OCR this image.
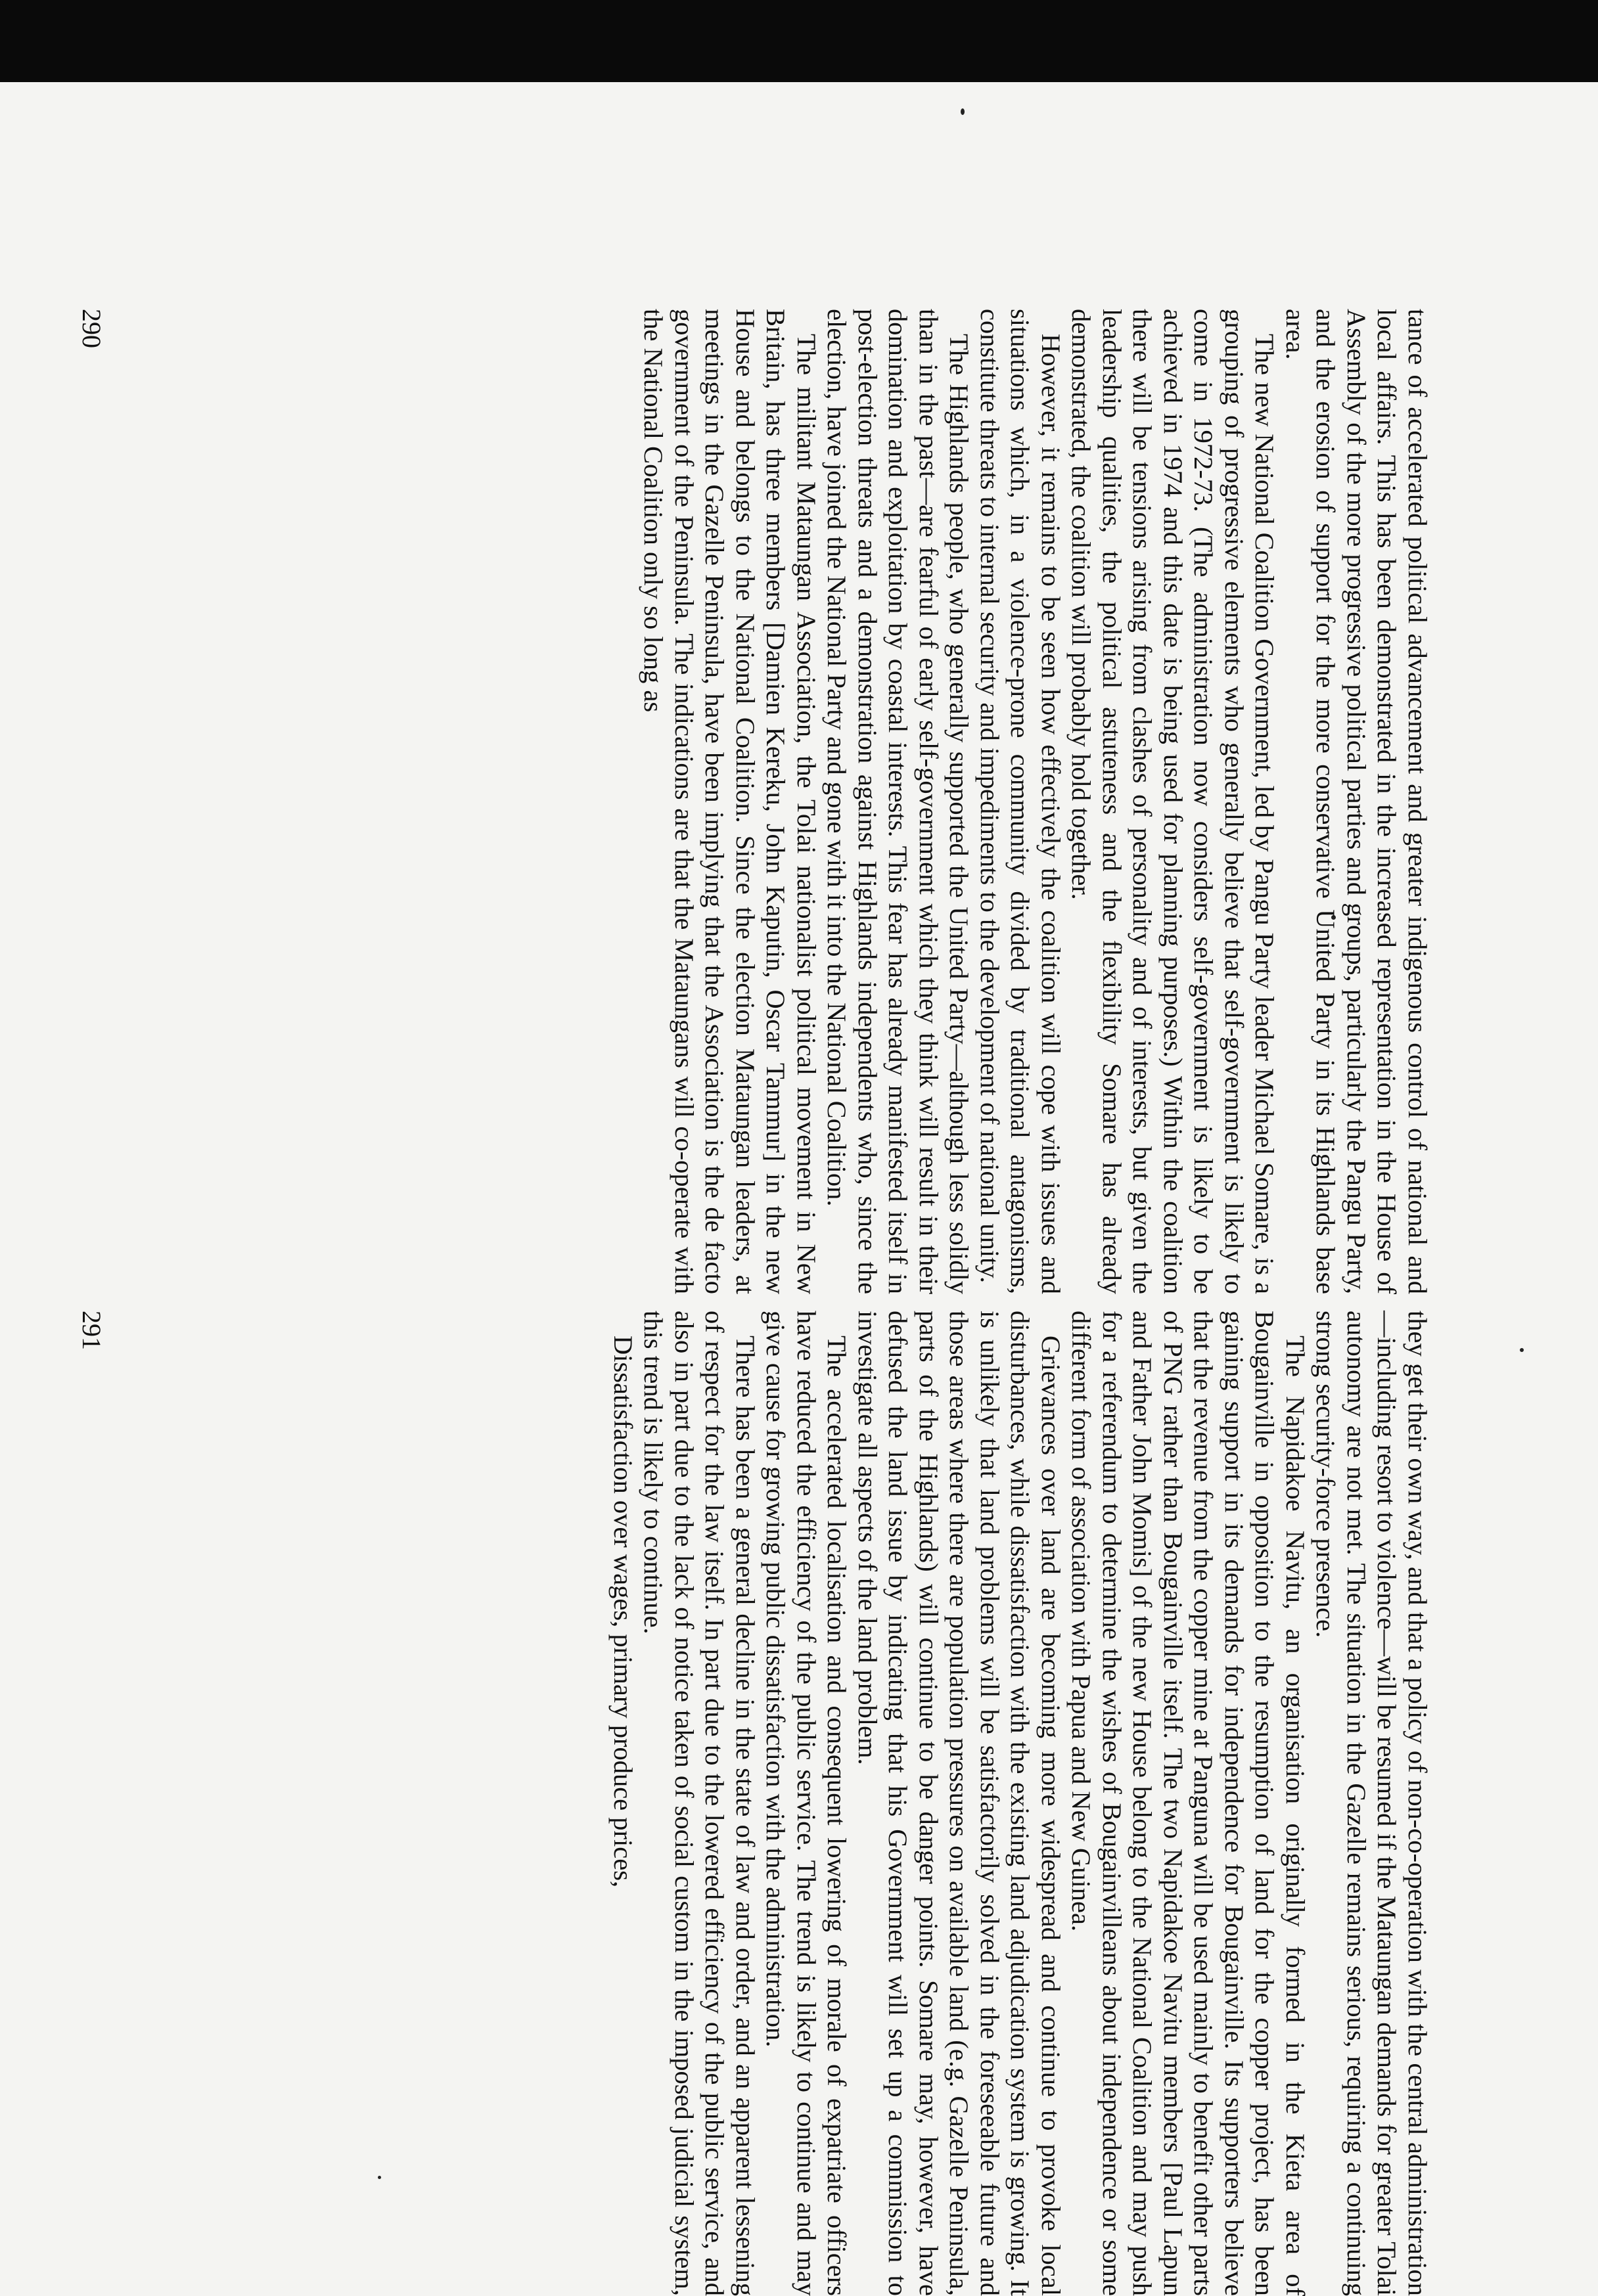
tance of accelerated political advancement and greater indigenous control of national and local affairs. This has been demonstrated in the increased representation in the House of Assembly of the more progressive political parties and groups, particularly the Pangu Party, and the erosion of support for the more conservative United Party in its Highlands base area.

The new National Coalition Government, led by Pangu Party leader Michael Somare, is a grouping of progressive elements who generally believe that self-government is likely to come in 1972-73. (The administration now considers self-government is likely to be achieved in 1974 and this date is being used for planning purposes.) Within the coalition there will be tensions arising from clashes of personality and of interests, but given the leadership qualities, the political astuteness and the flexibility Somare has already demonstrated, the coalition will probably hold together.

However, it remains to be seen how effectively the coalition will cope with issues and situations which, in a violence-prone community divided by traditional antagonisms, constitute threats to internal security and impediments to the development of national unity.

The Highlands people, who generally supported the United Party—although less solidly than in the past—are fearful of early self-government which they think will result in their domination and exploitation by coastal interests. This fear has already manifested itself in post-election threats and a demonstration against Highlands independents who, since the election, have joined the National Party and gone with it into the National Coalition.

The militant Mataungan Association, the Tolai nationalist political movement in New Britain, has three members [Damien Kereku, John Kaputin, Oscar Tammur] in the new House and belongs to the National Coalition. Since the election Mataungan leaders, at meetings in the Gazelle Peninsula, have been implying that the Association is the de facto government of the Peninsula. The indications are that the Mataungans will co-operate with the National Coalition only so long as

290

they get their own way, and that a policy of non-co-operation with the central administration—including resort to violence—will be resumed if the Mataungan demands for greater Tolai autonomy are not met. The situation in the Gazelle remains serious, requiring a continuing strong security-force presence.

The Napidakoe Navitu, an organisation originally formed in the Kieta area of Bougainville in opposition to the resumption of land for the copper project, has been gaining support in its demands for independence for Bougainville. Its supporters believe that the revenue from the copper mine at Panguna will be used mainly to benefit other parts of PNG rather than Bougainville itself. The two Napidakoe Navitu members [Paul Lapun and Father John Momis] of the new House belong to the National Coalition and may push for a referendum to determine the wishes of Bougainvilleans about independence or some different form of association with Papua and New Guinea.

Grievances over land are becoming more widespread and continue to provoke local disturbances, while dissatisfaction with the existing land adjudication system is growing. It is unlikely that land problems will be satisfactorily solved in the foreseeable future and those areas where there are population pressures on available land (e.g. Gazelle Peninsula, parts of the Highlands) will continue to be danger points. Somare may, however, have defused the land issue by indicating that his Government will set up a commission to investigate all aspects of the land problem.

The accelerated localisation and consequent lowering of morale of expatriate officers have reduced the efficiency of the public service. The trend is likely to continue and may give cause for growing public dissatisfaction with the administration.

There has been a general decline in the state of law and order, and an apparent lessening of respect for the law itself. In part due to the lowered efficiency of the public service, and also in part due to the lack of notice taken of social custom in the imposed judicial system, this trend is likely to continue.

Dissatisfaction over wages, primary produce prices,

291
